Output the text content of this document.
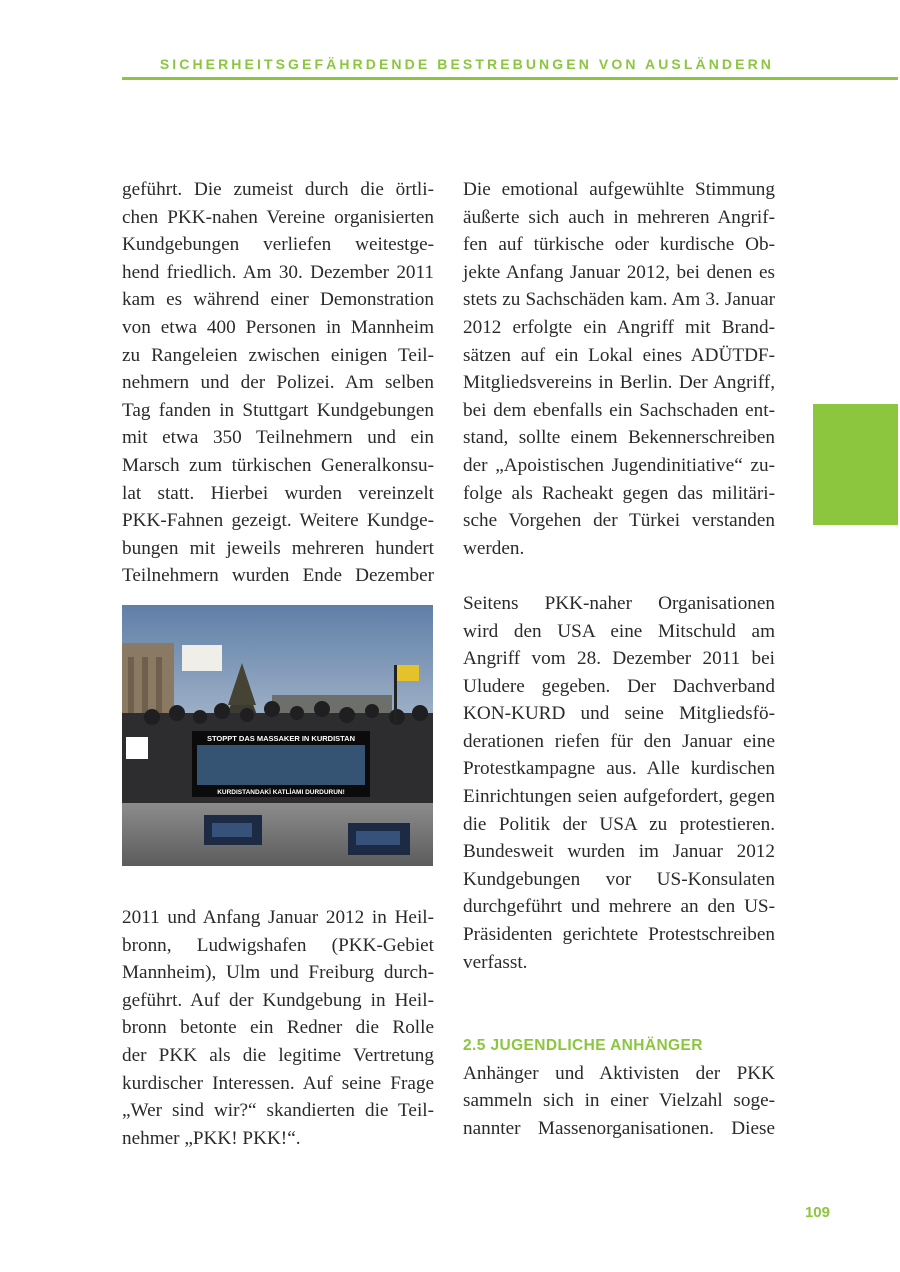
SICHERHEITSGEFÄHRDENDE BESTREBUNGEN VON AUSLÄNDERN

geführt. Die zumeist durch die örtli-
chen PKK-nahen Vereine organisierten
Kundgebungen verliefen weitestge-
hend friedlich. Am 30. Dezember 2011
kam es während einer Demonstration
von etwa 400 Personen in Mannheim
zu Rangeleien zwischen einigen Teil-
nehmern und der Polizei. Am selben
Tag fanden in Stuttgart Kundgebungen
mit etwa 350 Teilnehmern und ein
Marsch zum türkischen Generalkonsu-
lat statt. Hierbei wurden vereinzelt
PKK-Fahnen gezeigt. Weitere Kundge-
bungen mit jeweils mehreren hundert
Teilnehmern wurden Ende Dezember

STOPPT DAS MASSAKER IN KURDISTAN
KURDISTANDAKİ KATLİAMI DURDURUN!

2011 und Anfang Januar 2012 in Heil-
bronn, Ludwigshafen (PKK-Gebiet
Mannheim), Ulm und Freiburg durch-
geführt. Auf der Kundgebung in Heil-
bronn betonte ein Redner die Rolle
der PKK als die legitime Vertretung
kurdischer Interessen. Auf seine Frage
„Wer sind wir?“ skandierten die Teil-
nehmer „PKK! PKK!“.

Die emotional aufgewühlte Stimmung
äußerte sich auch in mehreren Angrif-
fen auf türkische oder kurdische Ob-
jekte Anfang Januar 2012, bei denen es
stets zu Sachschäden kam. Am 3. Januar
2012 erfolgte ein Angriff mit Brand-
sätzen auf ein Lokal eines ADÜTDF-
Mitgliedsvereins in Berlin. Der Angriff,
bei dem ebenfalls ein Sachschaden ent-
stand, sollte einem Bekennerschreiben
der „Apoistischen Jugendinitiative“ zu-
folge als Racheakt gegen das militäri-
sche Vorgehen der Türkei verstanden
werden.

Seitens PKK-naher Organisationen
wird den USA eine Mitschuld am
Angriff vom 28. Dezember 2011 bei
Uludere gegeben. Der Dachverband
KON-KURD und seine Mitgliedsfö-
derationen riefen für den Januar eine
Protestkampagne aus. Alle kurdischen
Einrichtungen seien aufgefordert, gegen
die Politik der USA zu protestieren.
Bundesweit wurden im Januar 2012
Kundgebungen vor US-Konsulaten
durchgeführt und mehrere an den US-
Präsidenten gerichtete Protestschreiben
verfasst.

2.5 JUGENDLICHE ANHÄNGER

Anhänger und Aktivisten der PKK
sammeln sich in einer Vielzahl soge-
nannter Massenorganisationen. Diese

109
